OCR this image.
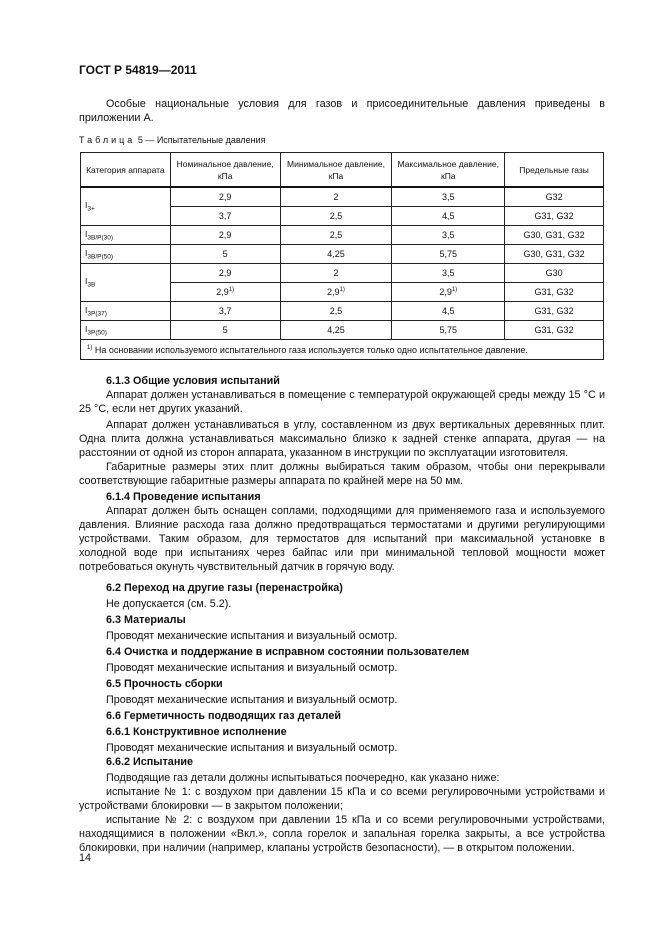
ГОСТ Р 54819—2011

Особые национальные условия для газов и присоединительные давления приведены в приложении А.

Таблица 5 — Испытательные давления
Категория аппарата	Номинальное давление, кПа	Минимальное давление, кПа	Максимальное давление, кПа	Предельные газы
$I_{3+}$	2,9	2	3,5	G32
	3,7	2,5	4,5	G31, G32
$I_{3B/P(30)}$	2,9	2,5	3,5	G30, G31, G32
$I_{3B/P(50)}$	5	4,25	5,75	G30, G31, G32
$I_{3B}$	2,9	2	3,5	G30
	2,9$^{1)}$	2,9$^{1)}$	2,9$^{1)}$	G31, G32
$I_{3P(37)}$	3,7	2,5	4,5	G31, G32
$I_{3P(50)}$	5	4,25	5,75	G31, G32
$^{1)}$ На основании используемого испытательного газа используется только одно испытательное давление.				

6.1.3 Общие условия испытаний

Аппарат должен устанавливаться в помещение с температурой окружающей среды между 15 °С и 25 °С, если нет других указаний.

Аппарат должен устанавливаться в углу, составленном из двух вертикальных деревянных плит. Одна плита должна устанавливаться максимально близко к задней стенке аппарата, другая — на расстоянии от одной из сторон аппарата, указанном в инструкции по эксплуатации изготовителя.

Габаритные размеры этих плит должны выбираться таким образом, чтобы они перекрывали соответствующие габаритные размеры аппарата по крайней мере на 50 мм.

6.1.4 Проведение испытания

Аппарат должен быть оснащен соплами, подходящими для применяемого газа и используемого давления. Влияние расхода газа должно предотвращаться термостатами и другими регулирующими устройствами. Таким образом, для термостатов для испытаний при максимальной установке в холодной воде при испытаниях через байпас или при минимальной тепловой мощности может потребоваться окунуть чувствительный датчик в горячую воду.

6.2 Переход на другие газы (перенастройка)

Не допускается (см. 5.2).

6.3 Материалы

Проводят механические испытания и визуальный осмотр.

6.4 Очистка и поддержание в исправном состоянии пользователем

Проводят механические испытания и визуальный осмотр.

6.5 Прочность сборки

Проводят механические испытания и визуальный осмотр.

6.6 Герметичность подводящих газ деталей

6.6.1 Конструктивное исполнение

Проводят механические испытания и визуальный осмотр.

6.6.2 Испытание

Подводящие газ детали должны испытываться поочередно, как указано ниже:

испытание № 1: с воздухом при давлении 15 кПа и со всеми регулировочными устройствами и устройствами блокировки — в закрытом положении;

испытание № 2: с воздухом при давлении 15 кПа и со всеми регулировочными устройствами, находящимися в положении «Вкл.», сопла горелок и запальная горелка закрыты, а все устройства блокировки, при наличии (например, клапаны устройств безопасности), — в открытом положении.

14
